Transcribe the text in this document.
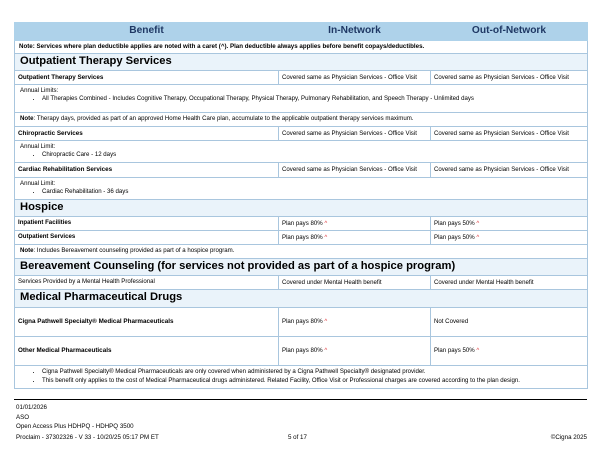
Benefit	In-Network	Out-of-Network
Note: Services where plan deductible applies are noted with a caret (^). Plan deductible always applies before benefit copays/deductibles.		
Outpatient Therapy Services		
Outpatient Therapy Services	Covered same as Physician Services - Office Visit	Covered same as Physician Services - Office Visit

Annual Limits:
• All Therapies Combined - Includes Cognitive Therapy, Occupational Therapy, Physical Therapy, Pulmonary Rehabilitation, and Speech Therapy - Unlimited days

Note: Therapy days, provided as part of an approved Home Health Care plan, accumulate to the applicable outpatient therapy services maximum.		
Chiropractic Services	Covered same as Physician Services - Office Visit	Covered same as Physician Services - Office Visit

Annual Limit:
• Chiropractic Care - 12 days

Cardiac Rehabilitation Services	Covered same as Physician Services - Office Visit	Covered same as Physician Services - Office Visit

Annual Limit:
• Cardiac Rehabilitation - 36 days

Hospice		
Inpatient Facilities	Plan pays 80% ^	Plan pays 50% ^
Outpatient Services	Plan pays 80% ^	Plan pays 50% ^
Note: Includes Bereavement counseling provided as part of a hospice program.		
Bereavement Counseling (for services not provided as part of a hospice program)		
Services Provided by a Mental Health Professional	Covered under Mental Health benefit	Covered under Mental Health benefit
Medical Pharmaceutical Drugs		
Cigna Pathwell Specialty® Medical Pharmaceuticals	Plan pays 80% ^	Not Covered
Other Medical Pharmaceuticals	Plan pays 80% ^	Plan pays 50% ^

• Cigna Pathwell Specialty® Medical Pharmaceuticals are only covered when administered by a Cigna Pathwell Specialty® designated provider.
• This benefit only applies to the cost of Medical Pharmaceutical drugs administered. Related Facility, Office Visit or Professional charges are covered according to the plan design.
01/01/2026
ASO
Open Access Plus HDHPQ - HDHPQ 3500
Proclaim - 37302326 - V 33 - 10/20/25 05:17 PM ET	5 of 17	©Cigna 2025
